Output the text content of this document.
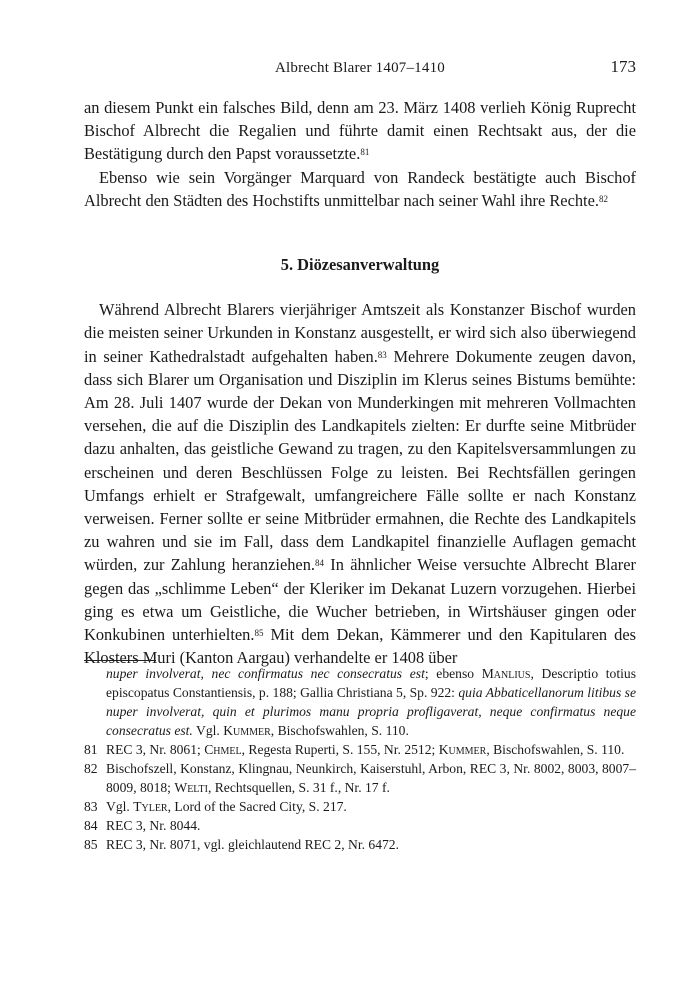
Albrecht Blarer 1407–1410	173

an diesem Punkt ein falsches Bild, denn am 23. März 1408 verlieh König Ruprecht Bischof Albrecht die Regalien und führte damit einen Rechtsakt aus, der die Bestätigung durch den Papst voraussetzte.$^{81}$

Ebenso wie sein Vorgänger Marquard von Randeck bestätigte auch Bischof Albrecht den Städten des Hochstifts unmittelbar nach seiner Wahl ihre Rechte.$^{82}$

5. Diözesanverwaltung

Während Albrecht Blarers vierjähriger Amtszeit als Konstanzer Bischof wurden die meisten seiner Urkunden in Konstanz ausgestellt, er wird sich also überwiegend in seiner Kathedralstadt aufgehalten haben.$^{83}$ Mehrere Dokumente zeugen davon, dass sich Blarer um Organisation und Disziplin im Klerus seines Bistums bemühte: Am 28. Juli 1407 wurde der Dekan von Munderkingen mit mehreren Vollmachten versehen, die auf die Disziplin des Landkapitels zielten: Er durfte seine Mitbrüder dazu anhalten, das geistliche Gewand zu tragen, zu den Kapitelsversammlungen zu erscheinen und deren Beschlüssen Folge zu leisten. Bei Rechtsfällen geringen Umfangs erhielt er Strafgewalt, umfangreichere Fälle sollte er nach Konstanz verweisen. Ferner sollte er seine Mitbrüder ermahnen, die Rechte des Landkapitels zu wahren und sie im Fall, dass dem Landkapitel finanzielle Auflagen gemacht würden, zur Zahlung heranziehen.$^{84}$ In ähnlicher Weise versuchte Albrecht Blarer gegen das „schlimme Leben“ der Kleriker im Dekanat Luzern vorzugehen. Hierbei ging es etwa um Geistliche, die Wucher betrieben, in Wirtshäuser gingen oder Konkubinen unterhielten.$^{85}$ Mit dem Dekan, Kämmerer und den Kapitularen des Klosters Muri (Kanton Aargau) verhandelte er 1408 über

nuper involverat, nec confirmatus nec consecratus est; ebenso Manlius, Descriptio totius episcopatus Constantiensis, p. 188; Gallia Christiana 5, Sp. 922: quia Abbaticellanorum litibus se nuper involverat, quin et plurimos manu propria profligaverat, neque confirmatus neque consecratus est. Vgl. Kummer, Bischofswahlen, S. 110.
81 REC 3, Nr. 8061; Chmel, Regesta Ruperti, S. 155, Nr. 2512; Kummer, Bischofswahlen, S. 110.
82 Bischofszell, Konstanz, Klingnau, Neunkirch, Kaiserstuhl, Arbon, REC 3, Nr. 8002, 8003, 8007–8009, 8018; Welti, Rechtsquellen, S. 31 f., Nr. 17 f.
83 Vgl. Tyler, Lord of the Sacred City, S. 217.
84 REC 3, Nr. 8044.
85 REC 3, Nr. 8071, vgl. gleichlautend REC 2, Nr. 6472.
